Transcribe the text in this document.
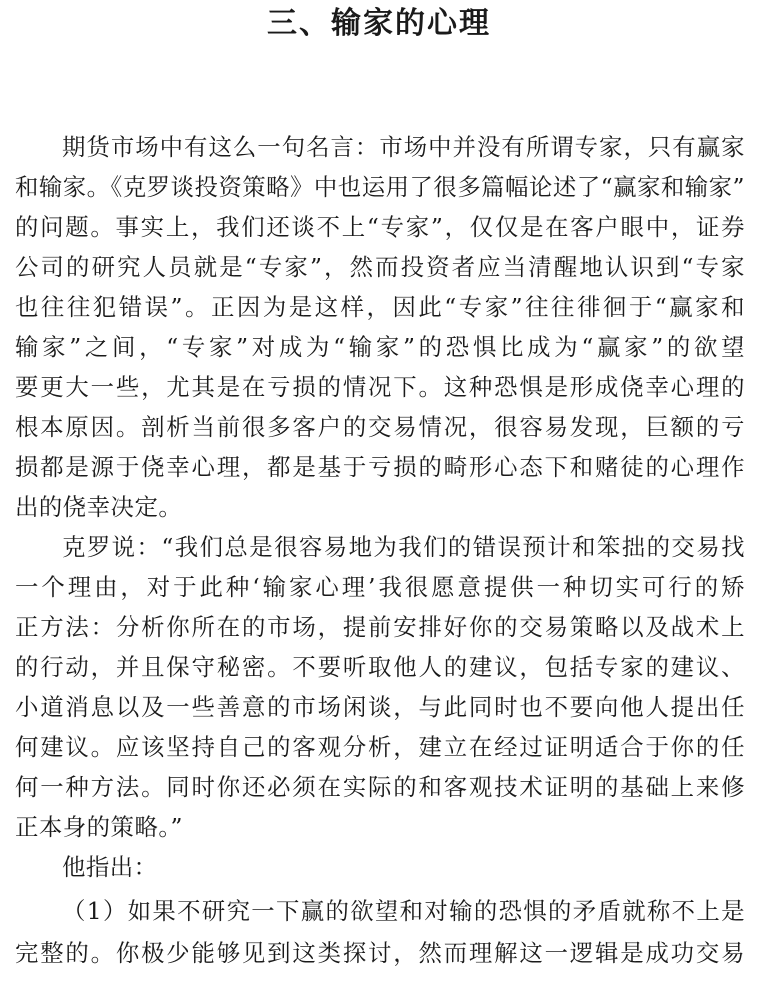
三、输家的心理

期货市场中有这么一句名言：市场中并没有所谓专家，只有赢家

和输家。《克罗谈投资策略》中也运用了很多篇幅论述了“赢家和输家”

的问题。事实上，我们还谈不上“专家”，仅仅是在客户眼中，证券

公司的研究人员就是“专家”，然而投资者应当清醒地认识到“专家

也往往犯错误”。正因为是这样，因此“专家”往往徘徊于“赢家和

输家”之间，“专家”对成为“输家”的恐惧比成为“赢家”的欲望

要更大一些，尤其是在亏损的情况下。这种恐惧是形成侥幸心理的

根本原因。剖析当前很多客户的交易情况，很容易发现，巨额的亏

损都是源于侥幸心理，都是基于亏损的畸形心态下和赌徒的心理作

出的侥幸决定。

克罗说：“我们总是很容易地为我们的错误预计和笨拙的交易找

一个理由，对于此种‘输家心理’我很愿意提供一种切实可行的矫

正方法：分析你所在的市场，提前安排好你的交易策略以及战术上

的行动，并且保守秘密。不要听取他人的建议，包括专家的建议、

小道消息以及一些善意的市场闲谈，与此同时也不要向他人提出任

何建议。应该坚持自己的客观分析，建立在经过证明适合于你的任

何一种方法。同时你还必须在实际的和客观技术证明的基础上来修

正本身的策略。”

他指出：

（1）如果不研究一下赢的欲望和对输的恐惧的矛盾就称不上是

完整的。你极少能够见到这类探讨，然而理解这一逻辑是成功交易
